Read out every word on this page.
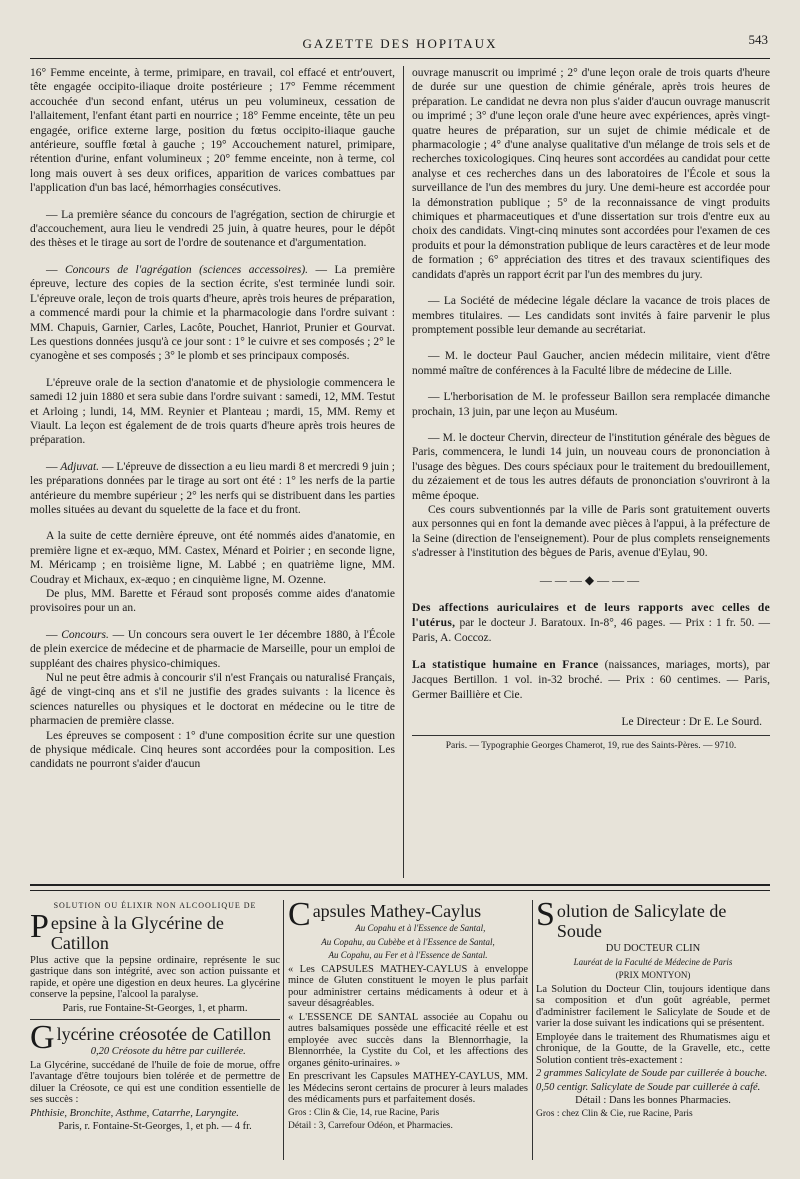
GAZETTE DES HOPITAUX	543

16° Femme enceinte, à terme, primipare, en travail, col effacé et entr'ouvert, tête engagée occipito-iliaque droite postérieure ; 17° Femme récemment accouchée d'un second enfant, utérus un peu volumineux, cessation de l'allaitement, l'enfant étant parti en nourrice ; 18° Femme enceinte, tête un peu engagée, orifice externe large, position du fœtus occipito-iliaque gauche antérieure, souffle fœtal à gauche ; 19° Accouchement naturel, primipare, rétention d'urine, enfant volumineux ; 20° femme enceinte, non à terme, col long mais ouvert à ses deux orifices, apparition de varices combattues par l'application d'un bas lacé, hémorrhagies consécutives.

— La première séance du concours de l'agrégation, section de chirurgie et d'accouchement, aura lieu le vendredi 25 juin, à quatre heures, pour le dépôt des thèses et le tirage au sort de l'ordre de soutenance et d'argumentation.

— Concours de l'agrégation (sciences accessoires). — La première épreuve, lecture des copies de la section écrite, s'est terminée lundi soir. L'épreuve orale, leçon de trois quarts d'heure, après trois heures de préparation, a commencé mardi pour la chimie et la pharmacologie dans l'ordre suivant : MM. Chapuis, Garnier, Carles, Lacôte, Pouchet, Hanriot, Prunier et Gourvat. Les questions données jusqu'à ce jour sont : 1° le cuivre et ses composés ; 2° le cyanogène et ses composés ; 3° le plomb et ses principaux composés.

L'épreuve orale de la section d'anatomie et de physiologie commencera le samedi 12 juin 1880 et sera subie dans l'ordre suivant : samedi, 12, MM. Testut et Arloing ; lundi, 14, MM. Reynier et Planteau ; mardi, 15, MM. Remy et Viault. La leçon est également de de trois quarts d'heure après trois heures de préparation.

— Adjuvat. — L'épreuve de dissection a eu lieu mardi 8 et mercredi 9 juin ; les préparations données par le tirage au sort ont été : 1° les nerfs de la partie antérieure du membre supérieur ; 2° les nerfs qui se distribuent dans les parties molles situées au devant du squelette de la face et du front.

A la suite de cette dernière épreuve, ont été nommés aides d'anatomie, en première ligne et ex-æquo, MM. Castex, Ménard et Poirier ; en seconde ligne, M. Méricamp ; en troisième ligne, M. Labbé ; en quatrième ligne, MM. Coudray et Michaux, ex-æquo ; en cinquième ligne, M. Ozenne.

De plus, MM. Barette et Féraud sont proposés comme aides d'anatomie provisoires pour un an.

— Concours. — Un concours sera ouvert le 1er décembre 1880, à l'École de plein exercice de médecine et de pharmacie de Marseille, pour un emploi de suppléant des chaires physico-chimiques.

Nul ne peut être admis à concourir s'il n'est Français ou naturalisé Français, âgé de vingt-cinq ans et s'il ne justifie des grades suivants : la licence ès sciences naturelles ou physiques et le doctorat en médecine ou le titre de pharmacien de première classe.

Les épreuves se composent : 1° d'une composition écrite sur une question de physique médicale. Cinq heures sont accordées pour la composition. Les candidats ne pourront s'aider d'aucun

ouvrage manuscrit ou imprimé ; 2° d'une leçon orale de trois quarts d'heure de durée sur une question de chimie générale, après trois heures de préparation. Le candidat ne devra non plus s'aider d'aucun ouvrage manuscrit ou imprimé ; 3° d'une leçon orale d'une heure avec expériences, après vingt-quatre heures de préparation, sur un sujet de chimie médicale et de pharmacologie ; 4° d'une analyse qualitative d'un mélange de trois sels et de recherches toxicologiques. Cinq heures sont accordées au candidat pour cette analyse et ces recherches dans un des laboratoires de l'École et sous la surveillance de l'un des membres du jury. Une demi-heure est accordée pour la démonstration publique ; 5° de la reconnaissance de vingt produits chimiques et pharmaceutiques et d'une dissertation sur trois d'entre eux au choix des candidats. Vingt-cinq minutes sont accordées pour l'examen de ces produits et pour la démonstration publique de leurs caractères et de leur mode de formation ; 6° appréciation des titres et des travaux scientifiques des candidats d'après un rapport écrit par l'un des membres du jury.

— La Société de médecine légale déclare la vacance de trois places de membres titulaires. — Les candidats sont invités à faire parvenir le plus promptement possible leur demande au secrétariat.

— M. le docteur Paul Gaucher, ancien médecin militaire, vient d'être nommé maître de conférences à la Faculté libre de médecine de Lille.

— L'herborisation de M. le professeur Baillon sera remplacée dimanche prochain, 13 juin, par une leçon au Muséum.

— M. le docteur Chervin, directeur de l'institution générale des bègues de Paris, commencera, le lundi 14 juin, un nouveau cours de prononciation à l'usage des bègues. Des cours spéciaux pour le traitement du bredouillement, du zézaiement et de tous les autres défauts de prononciation s'ouvriront à la même époque.

Ces cours subventionnés par la ville de Paris sont gratuitement ouverts aux personnes qui en font la demande avec pièces à l'appui, à la préfecture de la Seine (direction de l'enseignement). Pour de plus complets renseignements s'adresser à l'institution des bègues de Paris, avenue d'Eylau, 90.

———◆———

Des affections auriculaires et de leurs rapports avec celles de l'utérus, par le docteur J. Baratoux. In-8°, 46 pages. — Prix : 1 fr. 50. — Paris, A. Coccoz.

La statistique humaine en France (naissances, mariages, morts), par Jacques Bertillon. 1 vol. in-32 broché. — Prix : 60 centimes. — Paris, Germer Baillière et Cie.

Le Directeur : Dr E. Le Sourd.
Paris. — Typographie Georges Chamerot, 19, rue des Saints-Pères. — 9710.
SOLUTION OU ÉLIXIR NON ALCOOLIQUE DE
Pepsine à la Glycérine de Catillon

Plus active que la pepsine ordinaire, représente le suc gastrique dans son intégrité, avec son action puissante et rapide, et opère une digestion en deux heures. La glycérine conserve la pepsine, l'alcool la paralyse.

Paris, rue Fontaine-St-Georges, 1, et pharm.

Glycérine créosotée de Catillon

0,20 Créosote du hêtre par cuillerée.

La Glycérine, succédané de l'huile de foie de morue, offre l'avantage d'être toujours bien tolérée et de permettre de diluer la Créosote, ce qui est une condition essentielle de ses succès :

Phthisie, Bronchite, Asthme, Catarrhe, Laryngite.

Paris, r. Fontaine-St-Georges, 1, et ph. — 4 fr.

Capsules Mathey-Caylus

Au Copahu et à l'Essence de Santal,

Au Copahu, au Cubèbe et à l'Essence de Santal,

Au Copahu, au Fer et à l'Essence de Santal.

« Les CAPSULES MATHEY-CAYLUS à enveloppe mince de Gluten constituent le moyen le plus parfait pour administrer certains médicaments à odeur et à saveur désagréables.

« L'ESSENCE DE SANTAL associée au Copahu ou autres balsamiques possède une efficacité réelle et est employée avec succès dans la Blennorrhagie, la Blennorrhée, la Cystite du Col, et les affections des organes génito-urinaires. »

En prescrivant les Capsules MATHEY-CAYLUS, MM. les Médecins seront certains de procurer à leurs malades des médicaments purs et parfaitement dosés.

Gros : Clin & Cie, 14, rue Racine, Paris

Détail : 3, Carrefour Odéon, et Pharmacies.

Solution de Salicylate de Soude

DU DOCTEUR CLIN

Lauréat de la Faculté de Médecine de Paris

(PRIX MONTYON)

La Solution du Docteur Clin, toujours identique dans sa composition et d'un goût agréable, permet d'administrer facilement le Salicylate de Soude et de varier la dose suivant les indications qui se présentent.

Employée dans le traitement des Rhumatismes aigu et chronique, de la Goutte, de la Gravelle, etc., cette Solution contient très-exactement :

2 grammes Salicylate de Soude par cuillerée à bouche.

0,50 centigr. Salicylate de Soude par cuillerée à café.

Détail : Dans les bonnes Pharmacies.

Gros : chez Clin & Cie, rue Racine, Paris
